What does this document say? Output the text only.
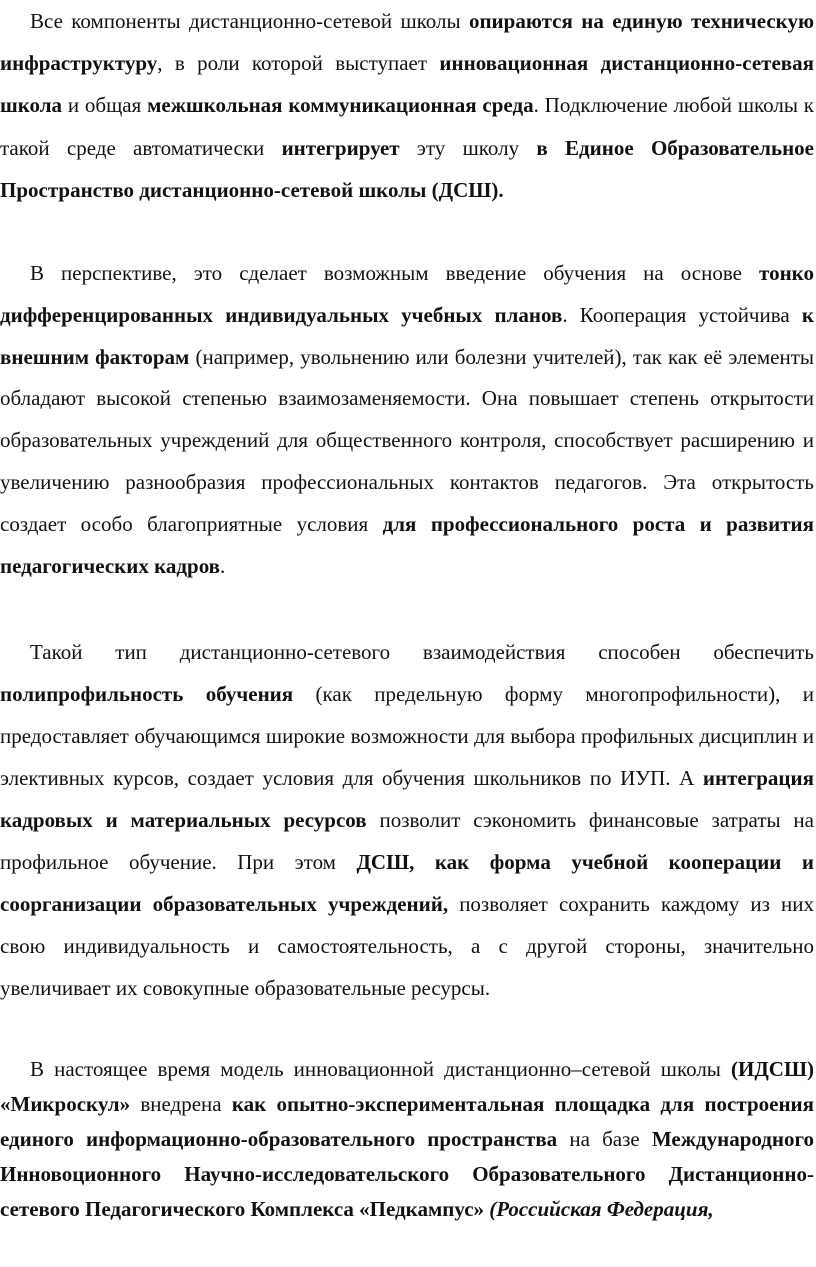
Все компоненты дистанционно-сетевой школы опираются на единую техническую инфраструктуру, в роли которой выступает инновационная дистанционно-сетевая школа и общая межшкольная коммуникационная среда. Подключение любой школы к такой среде автоматически интегрирует эту школу в Единое Образовательное Пространство дистанционно-сетевой школы (ДСШ).

В перспективе, это сделает возможным введение обучения на основе тонко дифференцированных индивидуальных учебных планов. Кооперация устойчива к внешним факторам (например, увольнению или болезни учителей), так как её элементы обладают высокой степенью взаимозаменяемости. Она повышает степень открытости образовательных учреждений для общественного контроля, способствует расширению и увеличению разнообразия профессиональных контактов педагогов. Эта открытость создает особо благоприятные условия для профессионального роста и развития педагогических кадров.

Такой тип дистанционно-сетевого взаимодействия способен обеспечить полипрофильность обучения (как предельную форму многопрофильности), и предоставляет обучающимся широкие возможности для выбора профильных дисциплин и элективных курсов, создает условия для обучения школьников по ИУП. А интеграция кадровых и материальных ресурсов позволит сэкономить финансовые затраты на профильное обучение. При этом ДСШ, как форма учебной кооперации и соорганизации образовательных учреждений, позволяет сохранить каждому из них свою индивидуальность и самостоятельность, а с другой стороны, значительно увеличивает их совокупные образовательные ресурсы.

В настоящее время модель инновационной дистанционно–сетевой школы (ИДСШ) «Микроскул» внедрена как опытно-экспериментальная площадка для построения единого информационно-образовательного пространства на базе Международного Инновоционного Научно-исследовательского Образовательного Дистанционно-сетевого Педагогического Комплекса «Педкампус» (Российская Федерация,
